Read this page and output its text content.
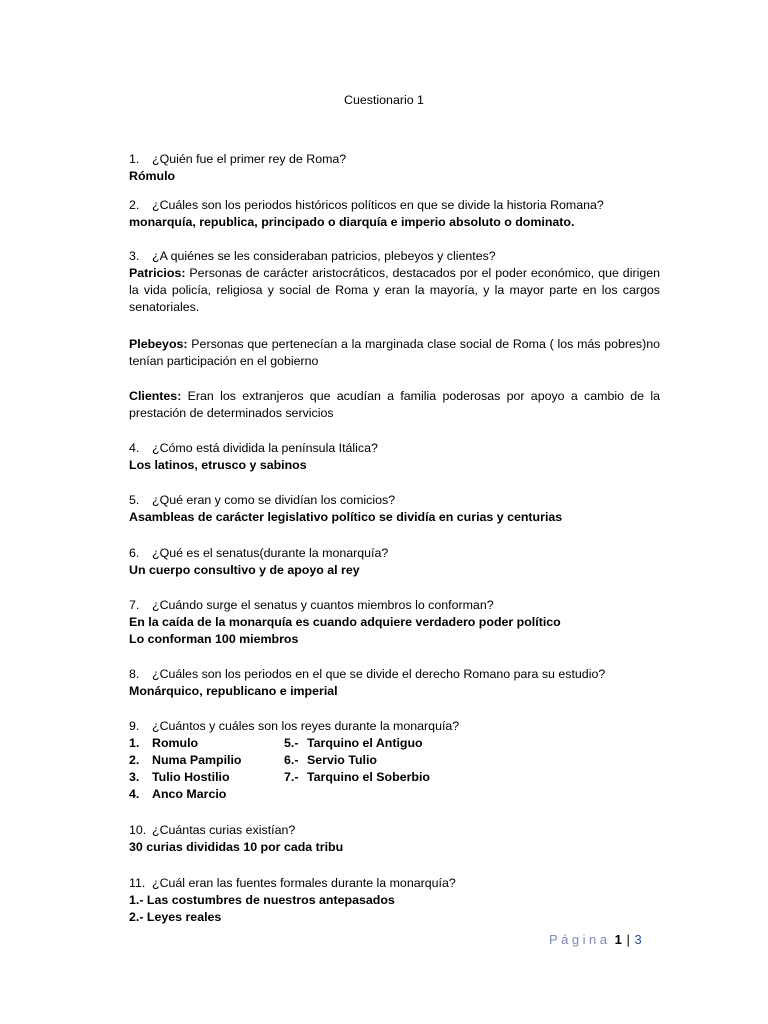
Cuestionario 1
1.	¿Quién fue el primer rey de Roma?
Rómulo
2.	¿Cuáles son los periodos históricos políticos en que se divide la historia Romana?
monarquía, republica, principado o diarquía e imperio absoluto o dominato.
3.	¿A quiénes se les consideraban patricios, plebeyos y clientes?
Patricios: Personas de carácter aristocráticos, destacados por el poder económico, que dirigen la vida policía, religiosa y social de Roma y eran la mayoría, y la mayor parte en los cargos senatoriales.
Plebeyos: Personas que pertenecían a la marginada clase social de Roma ( los más pobres)no tenían participación en el gobierno
Clientes: Eran los extranjeros que acudían a familia poderosas por apoyo a cambio de la prestación de determinados servicios
4.	¿Cómo está dividida la península Itálica?
Los latinos, etrusco y sabinos
5.	¿Qué eran y como se dividían los comicios?
Asambleas de carácter legislativo político se dividía en curias y centurias
6.	¿Qué es el senatus(durante la monarquía?
Un cuerpo consultivo y de apoyo al rey
7.	¿Cuándo surge el senatus y cuantos miembros lo conforman?
En la caída de la monarquía es cuando adquiere verdadero poder político
Lo conforman 100 miembros
8.	¿Cuáles son los periodos en el que se divide el derecho Romano para su estudio?
Monárquico, republicano e imperial
9.	¿Cuántos y cuáles son los reyes durante la monarquía?
1.	Romulo	5.- Tarquino el Antiguo
2.	Numa Pampilio	6.- Servio Tulio
3.	Tulio Hostilio	7.- Tarquino el Soberbio
4.	Anco Marcio
10. ¿Cuántas curias existían?
30 curias divididas 10 por cada tribu
11. ¿Cuál eran las fuentes formales durante la monarquía?
1.- Las costumbres de nuestros antepasados
2.- Leyes reales
Página 1 | 3
